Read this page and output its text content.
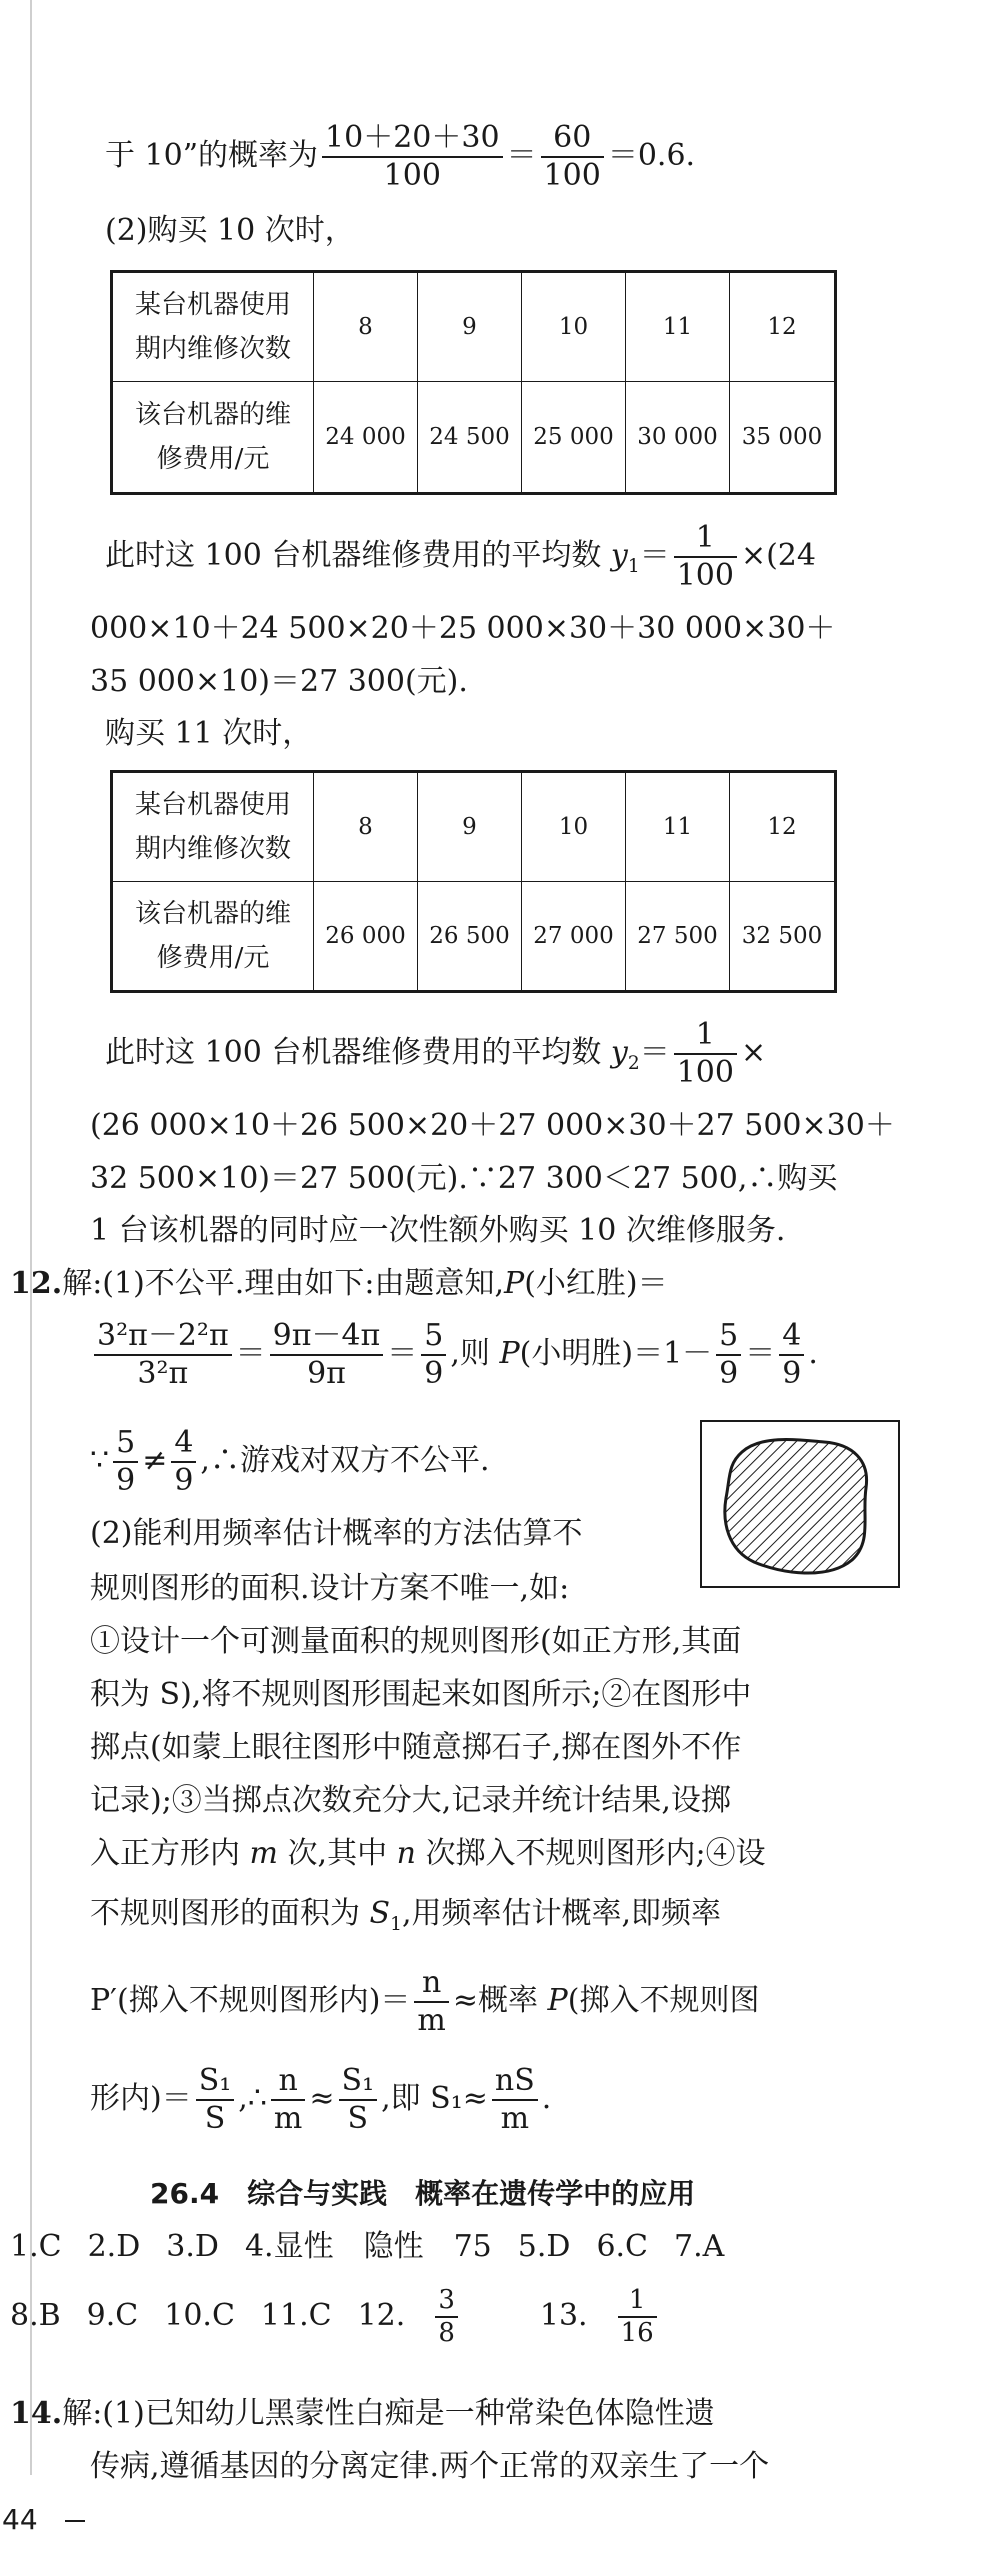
于 10”的概率为 $\frac{10+20+30}{100} = \frac{60}{100} =0.6$.
(2)购买 10 次时，
某台机器使用
期内维修次数	8	9	10	11	12

该台机器的维
修费用/元	24 000	24 500	25 000	30 000	35 000
此时这 100 台机器维修费用的平均数 $y_1= \frac{1}{100} \times(24$
000×10＋24 500×20＋25 000×30＋30 000×30＋
35 000×10)＝27 300(元).
购买 11 次时，
某台机器使用
期内维修次数	8	9	10	11	12

该台机器的维
修费用/元	26 000	26 500	27 000	27 500	32 500
此时这 100 台机器维修费用的平均数 $y_2= \frac{1}{100}$ ×
(26 000×10＋26 500×20＋27 000×30＋27 500×30＋
32 500×10)＝27 500(元).∵27 300＜27 500,∴购买
1 台该机器的同时应一次性额外购买 10 次维修服务.
12.解:(1)不公平.理由如下:由题意知,P(小红胜)＝
$\frac{\text{3²π－2²π}}{\text{3²π}} = \frac{9\pi-4\pi}{9\pi} = \frac{5}{9}$ ,则 P(小明胜)$=1- \frac{5}{9} = \frac{4}{9}$ .
∵ $\frac{5}{9} \ne \frac{4}{9}$ ,∴游戏对双方不公平.
(2)能利用频率估计概率的方法估算不
规则图形的面积.设计方案不唯一,如:
①设计一个可测量面积的规则图形(如正方形,其面
积为 S),将不规则图形围起来如图所示;②在图形中
掷点(如蒙上眼往图形中随意掷石子,掷在图外不作
记录);③当掷点次数充分大,记录并统计结果,设掷
入正方形内 m 次,其中 n 次掷入不规则图形内;④设
不规则图形的面积为 $S_1$,用频率估计概率,即频率
P′(掷入不规则图形内)＝ $\frac{n}{m}$ ≈概率 P(掷入不规则图
形内)＝ $\frac{\text{S₁}}{S}$ ,∴ $\frac{n}{m} \approx \frac{\text{S₁}}{S}$ ,即 $S_1\approx \frac{nS}{m}$ .
26.4　综合与实践　概率在遗传学中的应用
1.C 2.D 3.D 4.显性　隐性　75 5.D 6.C 7.A
8.B 9.C 10.C 11.C 12. $\frac{3}{8}$
　 13. $\frac{1}{16}$
14.解:(1)已知幼儿黑蒙性白痴是一种常染色体隐性遗
传病,遵循基因的分离定律.两个正常的双亲生了一个
44
